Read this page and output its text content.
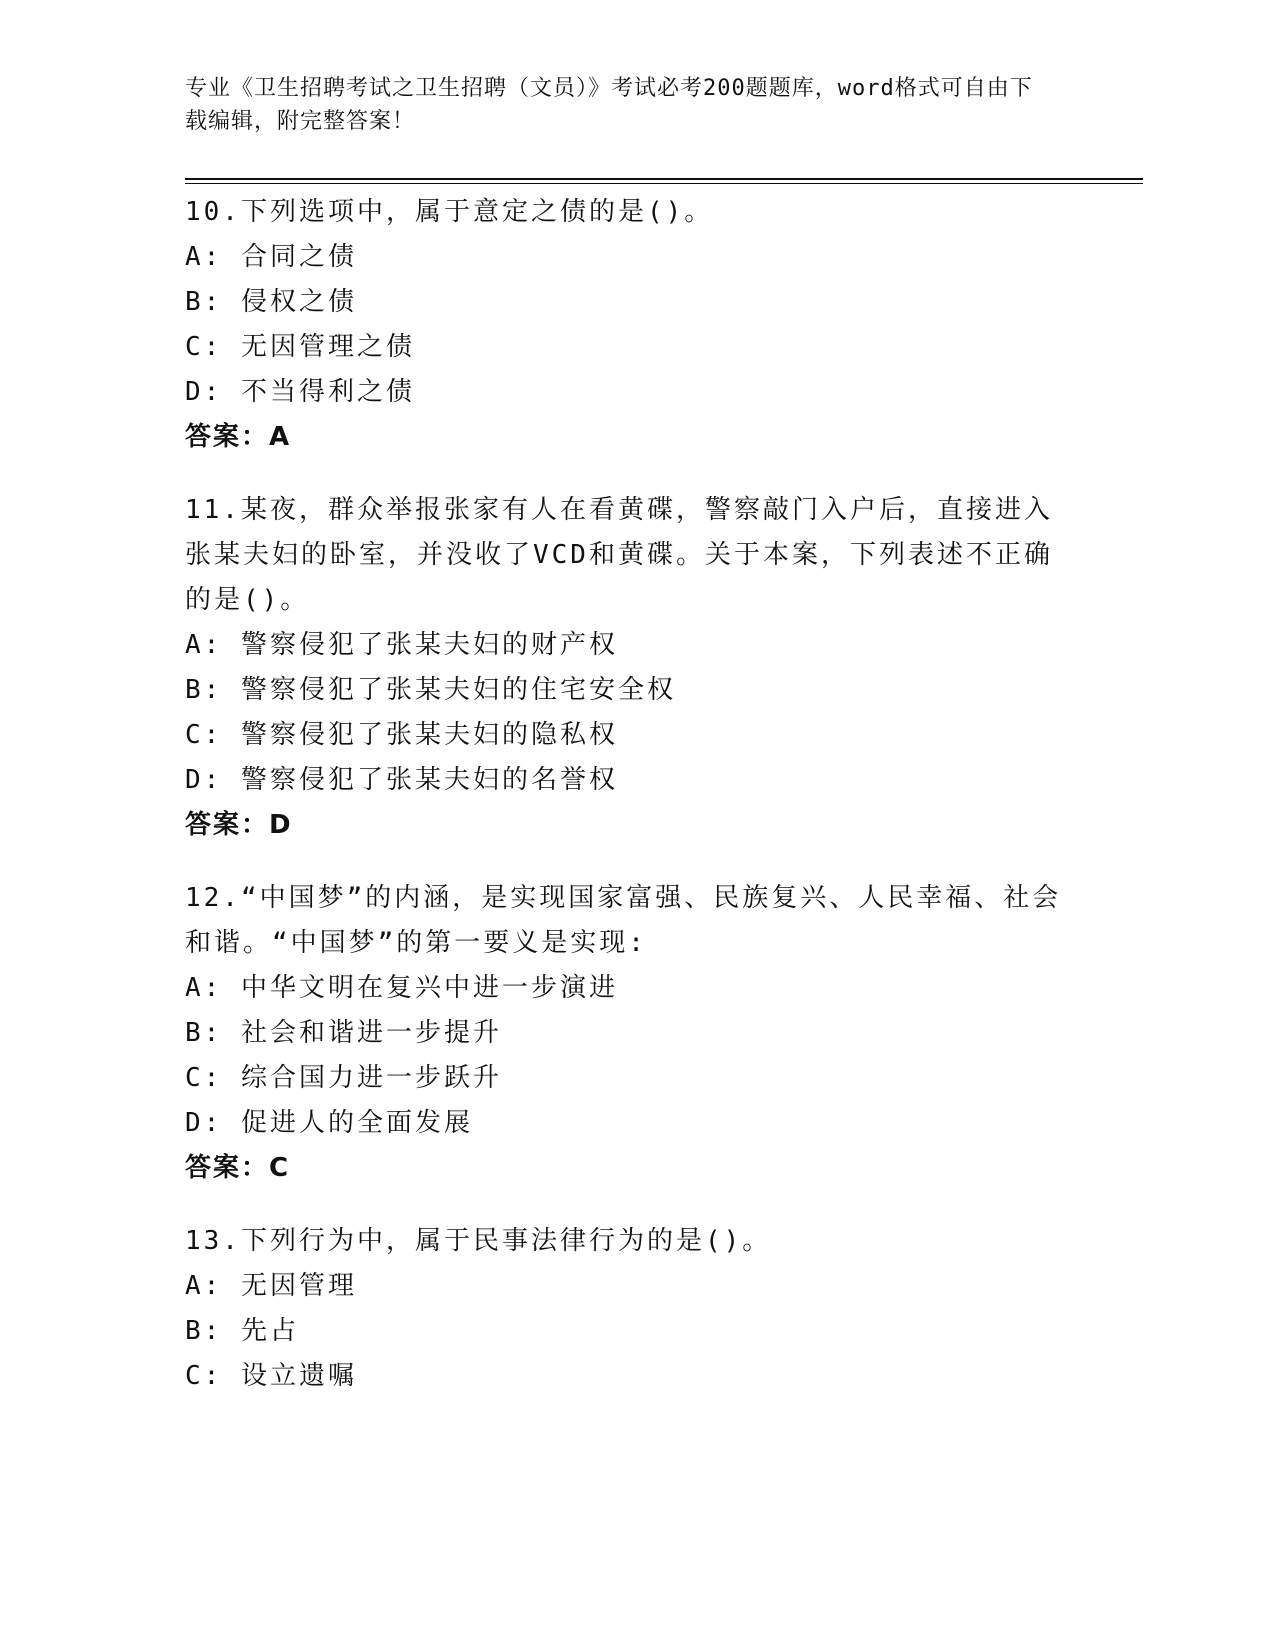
专业《卫生招聘考试之卫生招聘（文员）》考试必考200题题库，word格式可自由下载编辑，附完整答案！
10.下列选项中，属于意定之债的是()。
A: 合同之债
B: 侵权之债
C: 无因管理之债
D: 不当得利之债
答案：A
11.某夜，群众举报张家有人在看黄碟，警察敲门入户后，直接进入张某夫妇的卧室，并没收了VCD和黄碟。关于本案，下列表述不正确的是()。
A: 警察侵犯了张某夫妇的财产权
B: 警察侵犯了张某夫妇的住宅安全权
C: 警察侵犯了张某夫妇的隐私权
D: 警察侵犯了张某夫妇的名誉权
答案：D
12.“中国梦”的内涵，是实现国家富强、民族复兴、人民幸福、社会和谐。“中国梦”的第一要义是实现:
A: 中华文明在复兴中进一步演进
B: 社会和谐进一步提升
C: 综合国力进一步跃升
D: 促进人的全面发展
答案：C
13.下列行为中，属于民事法律行为的是()。
A: 无因管理
B: 先占
C: 设立遗嘱
